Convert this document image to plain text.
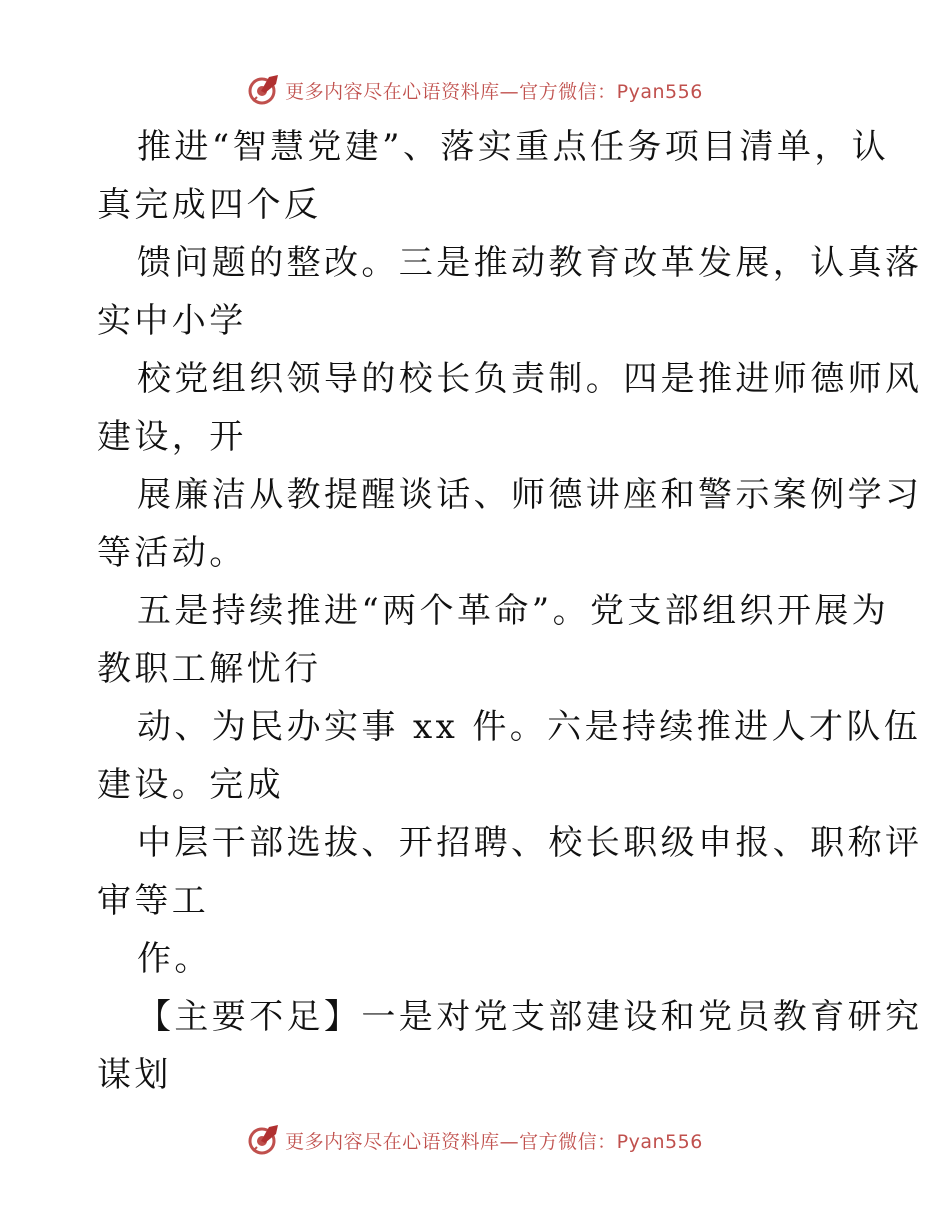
更多内容尽在心语资料库—官方微信：Pyan556
推进“智慧党建”、落实重点任务项目清单，认
真完成四个反
馈问题的整改。三是推动教育改革发展，认真落
实中小学
校党组织领导的校长负责制。四是推进师德师风
建设，开
展廉洁从教提醒谈话、师德讲座和警示案例学习
等活动。
五是持续推进“两个革命”。党支部组织开展为
教职工解忧行
动、为民办实事 xx 件。六是持续推进人才队伍
建设。完成
中层干部选拔、开招聘、校长职级申报、职称评
审等工
作。
【主要不足】一是对党支部建设和党员教育研究
谋划
更多内容尽在心语资料库—官方微信：Pyan556
